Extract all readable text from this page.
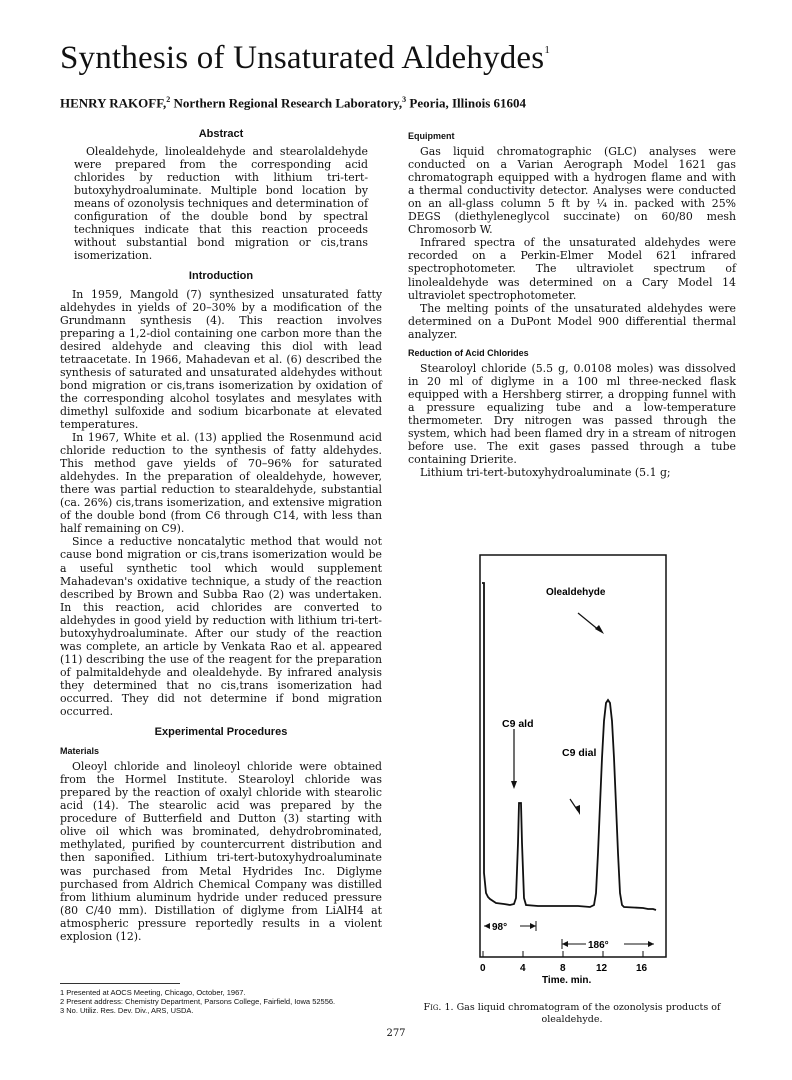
Synthesis of Unsaturated Aldehydes$^1$

HENRY RAKOFF,$^2$ Northern Regional Research Laboratory,$^3$ Peoria, Illinois 61604

Abstract

Olealdehyde, linolealdehyde and stearolaldehyde were prepared from the corresponding acid chlorides by reduction with lithium tri-tert-butoxyhydroaluminate. Multiple bond location by means of ozonolysis techniques and determination of configuration of the double bond by spectral techniques indicate that this reaction proceeds without substantial bond migration or cis,trans isomerization.

Introduction

In 1959, Mangold (7) synthesized unsaturated fatty aldehydes in yields of 20–30% by a modification of the Grundmann synthesis (4). This reaction involves preparing a 1,2-diol containing one carbon more than the desired aldehyde and cleaving this diol with lead tetraacetate. In 1966, Mahadevan et al. (6) described the synthesis of saturated and unsaturated aldehydes without bond migration or cis,trans isomerization by oxidation of the corresponding alcohol tosylates and mesylates with dimethyl sulfoxide and sodium bicarbonate at elevated temperatures.

In 1967, White et al. (13) applied the Rosenmund acid chloride reduction to the synthesis of fatty aldehydes. This method gave yields of 70–96% for saturated aldehydes. In the preparation of olealdehyde, however, there was partial reduction to stearaldehyde, substantial (ca. 26%) cis,trans isomerization, and extensive migration of the double bond (from C6 through C14, with less than half remaining on C9).

Since a reductive noncatalytic method that would not cause bond migration or cis,trans isomerization would be a useful synthetic tool which would supplement Mahadevan's oxidative technique, a study of the reaction described by Brown and Subba Rao (2) was undertaken. In this reaction, acid chlorides are converted to aldehydes in good yield by reduction with lithium tri-tert-butoxyhydroaluminate. After our study of the reaction was complete, an article by Venkata Rao et al. appeared (11) describing the use of the reagent for the preparation of palmitaldehyde and olealdehyde. By infrared analysis they determined that no cis,trans isomerization had occurred. They did not determine if bond migration occurred.

Experimental Procedures
Materials

Oleoyl chloride and linoleoyl chloride were obtained from the Hormel Institute. Stearoloyl chloride was prepared by the reaction of oxalyl chloride with stearolic acid (14). The stearolic acid was prepared by the procedure of Butterfield and Dutton (3) starting with olive oil which was brominated, dehydrobrominated, methylated, purified by countercurrent distribution and then saponified. Lithium tri-tert-butoxyhydroaluminate was purchased from Metal Hydrides Inc. Diglyme purchased from Aldrich Chemical Company was distilled from lithium aluminum hydride under reduced pressure (80 C/40 mm). Distillation of diglyme from LiAlH4 at atmospheric pressure reportedly results in a violent explosion (12).

Equipment

Gas liquid chromatographic (GLC) analyses were conducted on a Varian Aerograph Model 1621 gas chromatograph equipped with a hydrogen flame and with a thermal conductivity detector. Analyses were conducted on an all-glass column 5 ft by ¼ in. packed with 25% DEGS (diethyleneglycol succinate) on 60/80 mesh Chromosorb W.

Infrared spectra of the unsaturated aldehydes were recorded on a Perkin-Elmer Model 621 infrared spectrophotometer. The ultraviolet spectrum of linolealdehyde was determined on a Cary Model 14 ultraviolet spectrophotometer.

The melting points of the unsaturated aldehydes were determined on a DuPont Model 900 differential thermal analyzer.

Reduction of Acid Chlorides

Stearoloyl chloride (5.5 g, 0.0108 moles) was dissolved in 20 ml of diglyme in a 100 ml three-necked flask equipped with a Hershberg stirrer, a dropping funnel with a pressure equalizing tube and a low-temperature thermometer. Dry nitrogen was passed through the system, which had been flamed dry in a stream of nitrogen before use. The exit gases passed through a tube containing Drierite.

Lithium tri-tert-butoxyhydroaluminate (5.1 g;

Olealdehyde
C9 dial
C9 ald
98°
186°
0	4	8	12	16
Time, min.
Fig. 1. Gas liquid chromatogram of the ozonolysis products of olealdehyde.

1 Presented at AOCS Meeting, Chicago, October, 1967.

2 Present address: Chemistry Department, Parsons College, Fairfield, Iowa 52556.

3 No. Utiliz. Res. Dev. Div., ARS, USDA.

277
